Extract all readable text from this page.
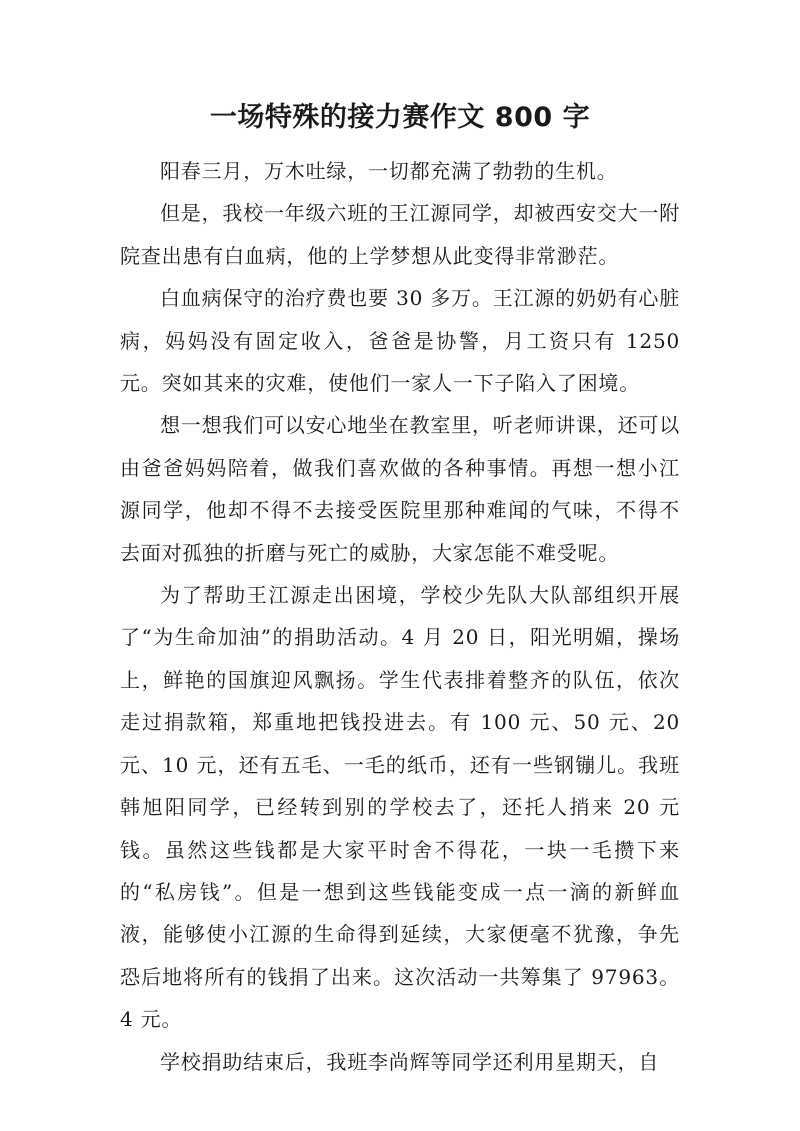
一场特殊的接力赛作文 800 字

阳春三月，万木吐绿，一切都充满了勃勃的生机。

但是，我校一年级六班的王江源同学，却被西安交大一附院查出患有白血病，他的上学梦想从此变得非常渺茫。

白血病保守的治疗费也要 30 多万。王江源的奶奶有心脏病，妈妈没有固定收入，爸爸是协警，月工资只有 1250 元。突如其来的灾难，使他们一家人一下子陷入了困境。

想一想我们可以安心地坐在教室里，听老师讲课，还可以由爸爸妈妈陪着，做我们喜欢做的各种事情。再想一想小江源同学，他却不得不去接受医院里那种难闻的气味，不得不去面对孤独的折磨与死亡的威胁，大家怎能不难受呢。

为了帮助王江源走出困境，学校少先队大队部组织开展了“为生命加油”的捐助活动。4 月 20 日，阳光明媚，操场上，鲜艳的国旗迎风飘扬。学生代表排着整齐的队伍，依次走过捐款箱，郑重地把钱投进去。有 100 元、50 元、20 元、10 元，还有五毛、一毛的纸币，还有一些钢镚儿。我班韩旭阳同学，已经转到别的学校去了，还托人捎来 20 元钱。虽然这些钱都是大家平时舍不得花，一块一毛攒下来的“私房钱”。但是一想到这些钱能变成一点一滴的新鲜血液，能够使小江源的生命得到延续，大家便毫不犹豫，争先恐后地将所有的钱捐了出来。这次活动一共筹集了 97963。4 元。

学校捐助结束后，我班李尚辉等同学还利用星期天，自
